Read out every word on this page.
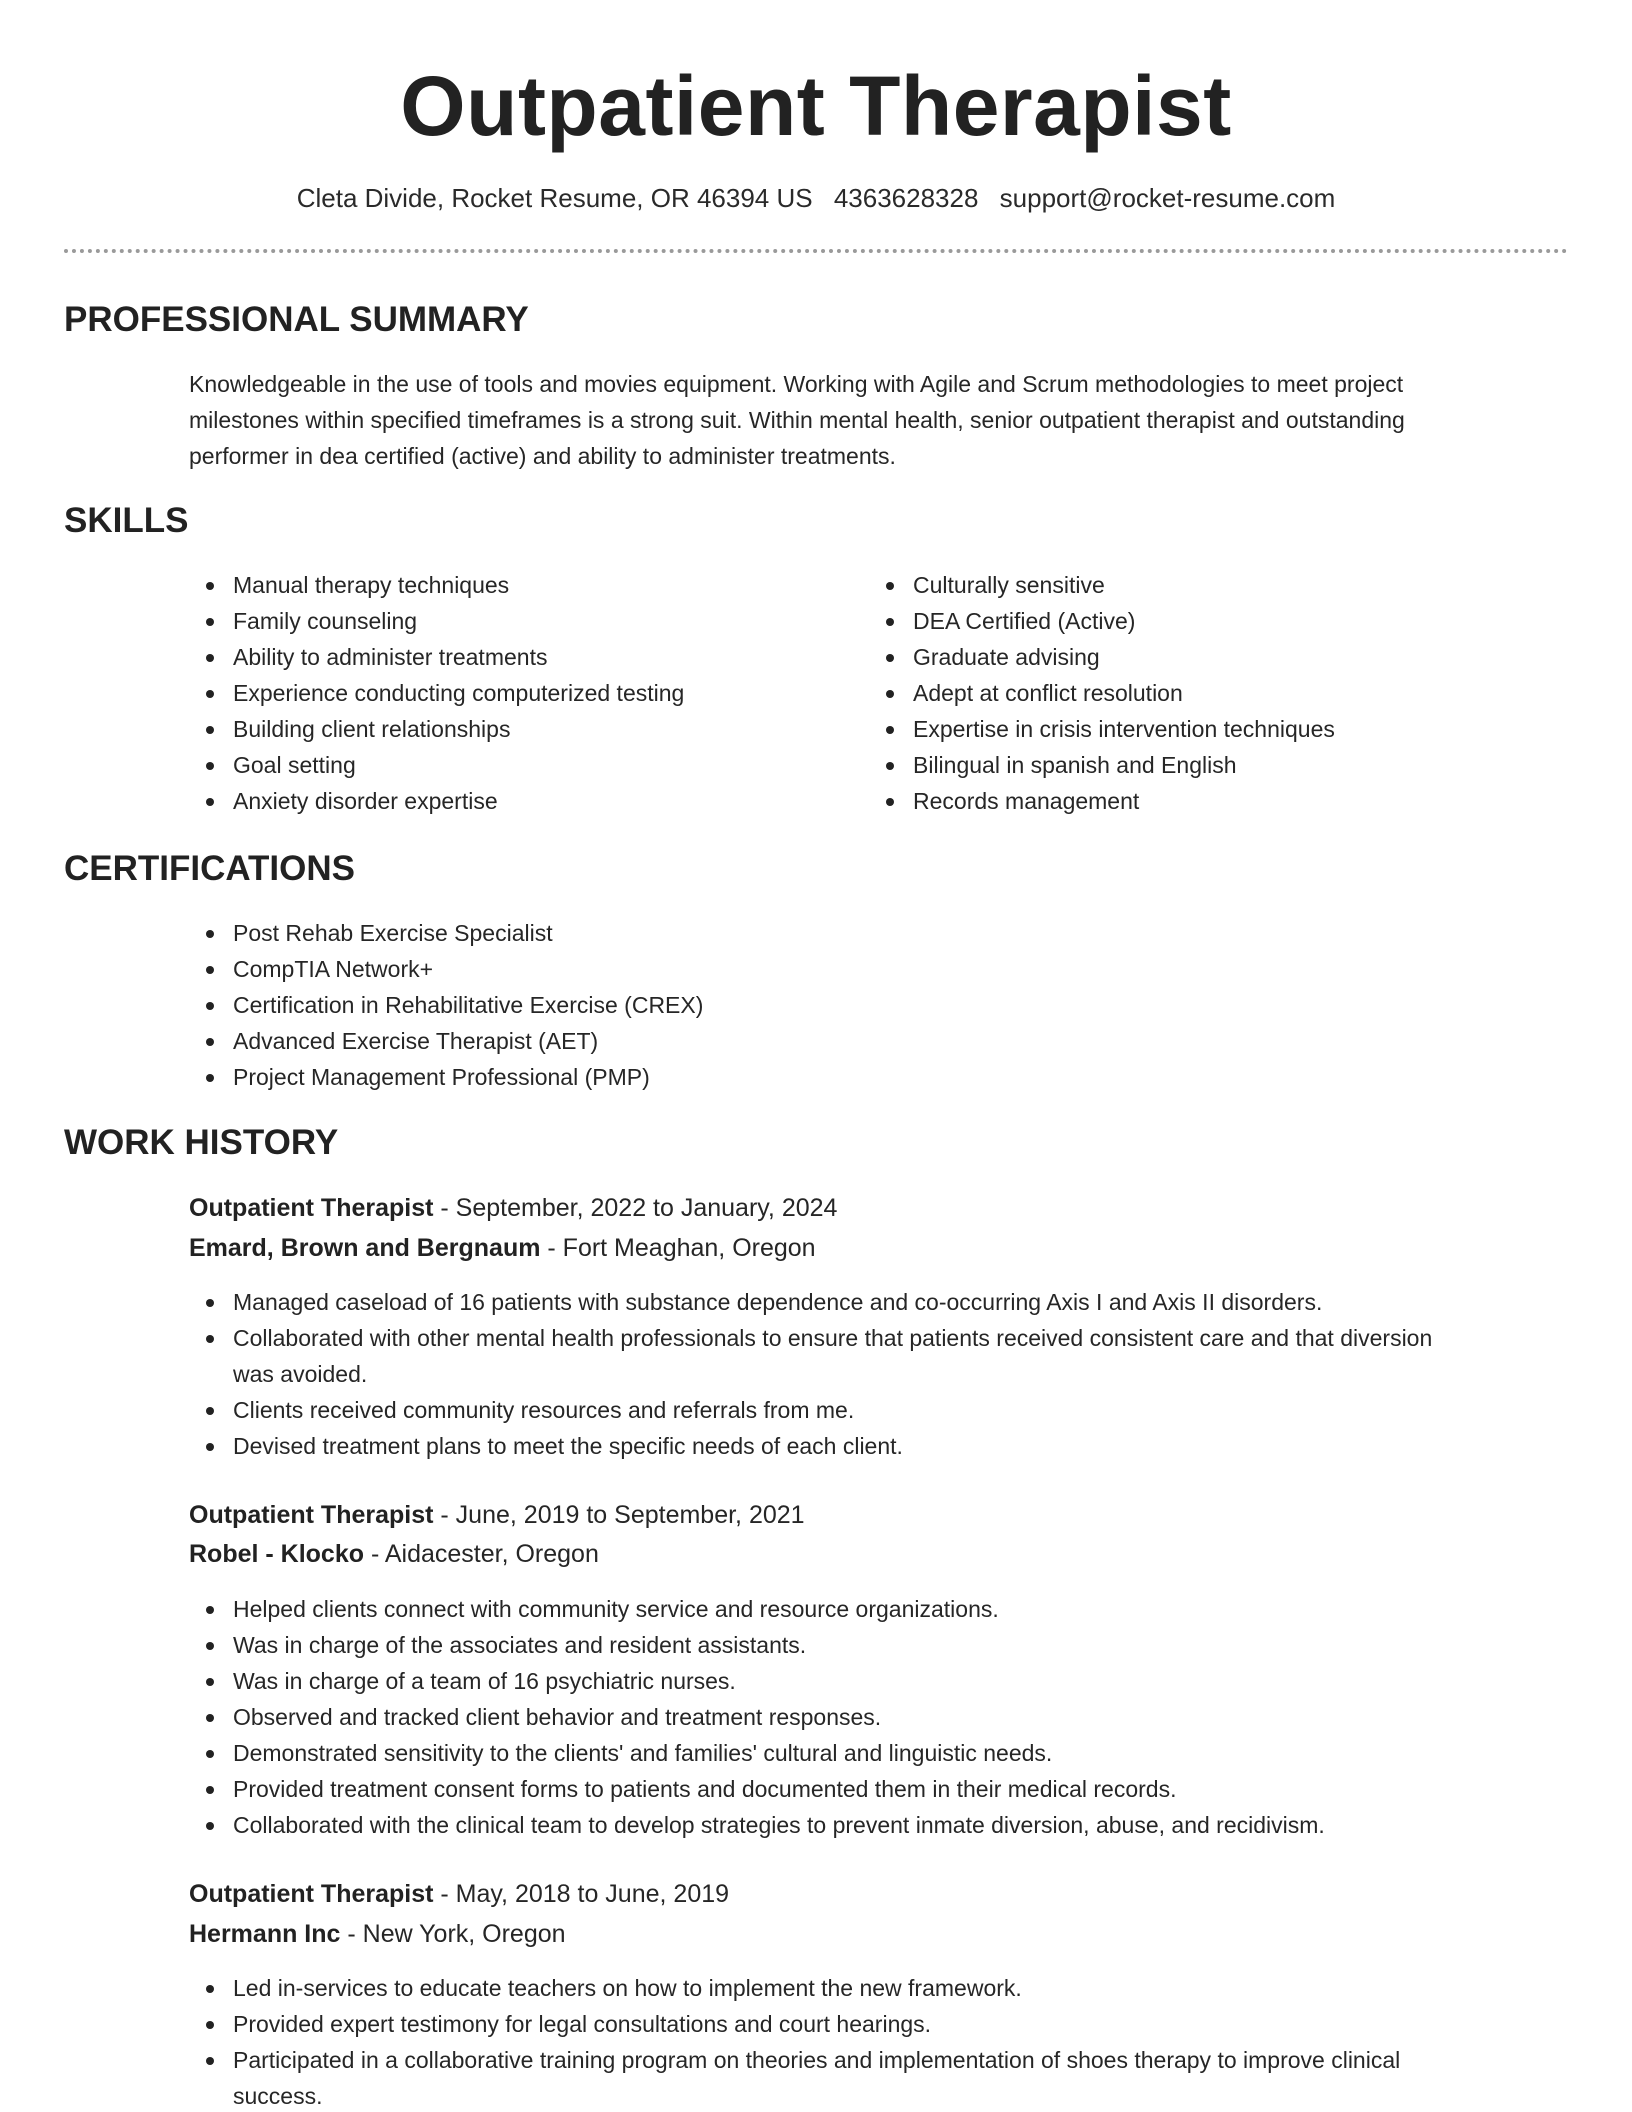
Outpatient Therapist
Cleta Divide, Rocket Resume, OR 46394 US 4363628328 support@rocket-resume.com
PROFESSIONAL SUMMARY
Knowledgeable in the use of tools and movies equipment. Working with Agile and Scrum methodologies to meet project
milestones within specified timeframes is a strong suit. Within mental health, senior outpatient therapist and outstanding
performer in dea certified (active) and ability to administer treatments.
SKILLS
Manual therapy techniques
Family counseling
Ability to administer treatments
Experience conducting computerized testing
Building client relationships
Goal setting
Anxiety disorder expertise
Culturally sensitive
DEA Certified (Active)
Graduate advising
Adept at conflict resolution
Expertise in crisis intervention techniques
Bilingual in spanish and English
Records management
CERTIFICATIONS
Post Rehab Exercise Specialist
CompTIA Network+
Certification in Rehabilitative Exercise (CREX)
Advanced Exercise Therapist (AET)
Project Management Professional (PMP)
WORK HISTORY
Outpatient Therapist - September, 2022 to January, 2024
Emard, Brown and Bergnaum - Fort Meaghan, Oregon
Managed caseload of 16 patients with substance dependence and co-occurring Axis I and Axis II disorders.
Collaborated with other mental health professionals to ensure that patients received consistent care and that diversion
was avoided.
Clients received community resources and referrals from me.
Devised treatment plans to meet the specific needs of each client.
Outpatient Therapist - June, 2019 to September, 2021
Robel - Klocko - Aidacester, Oregon
Helped clients connect with community service and resource organizations.
Was in charge of the associates and resident assistants.
Was in charge of a team of 16 psychiatric nurses.
Observed and tracked client behavior and treatment responses.
Demonstrated sensitivity to the clients' and families' cultural and linguistic needs.
Provided treatment consent forms to patients and documented them in their medical records.
Collaborated with the clinical team to develop strategies to prevent inmate diversion, abuse, and recidivism.
Outpatient Therapist - May, 2018 to June, 2019
Hermann Inc - New York, Oregon
Led in-services to educate teachers on how to implement the new framework.
Provided expert testimony for legal consultations and court hearings.
Participated in a collaborative training program on theories and implementation of shoes therapy to improve clinical
success.
